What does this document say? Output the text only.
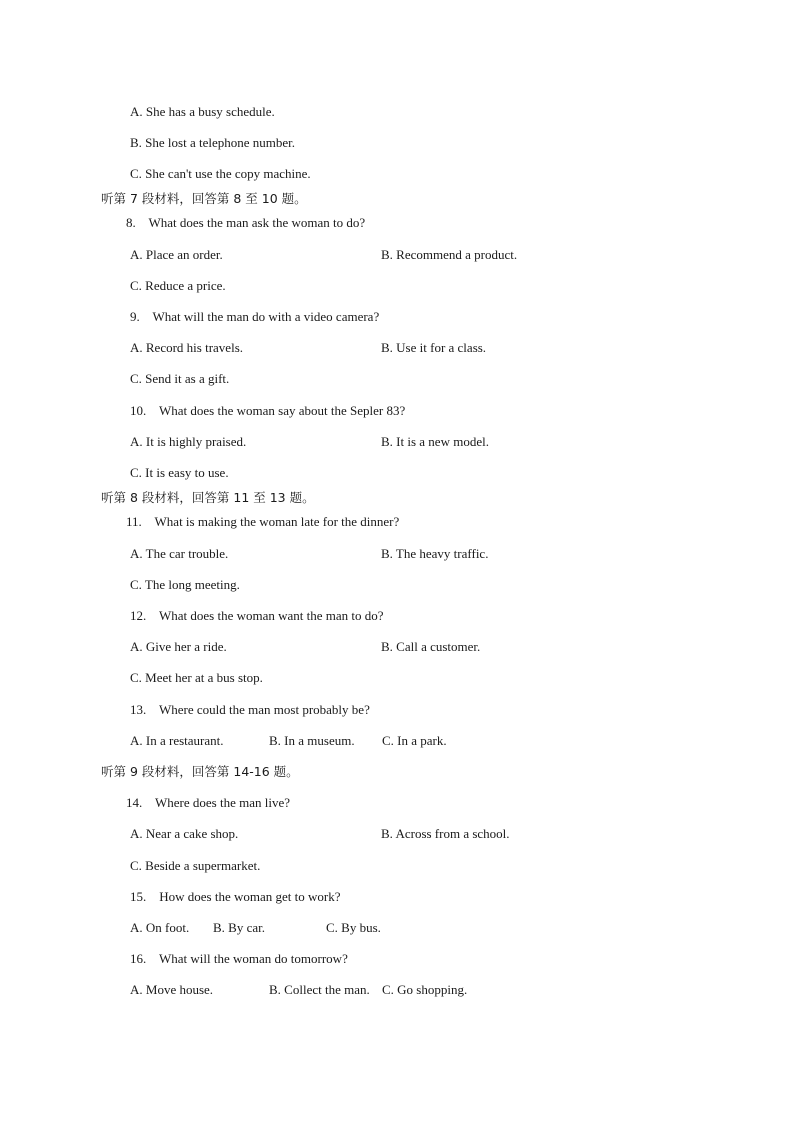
A. She has a busy schedule.
B. She lost a telephone number.
C. She can't use the copy machine.
听第 7 段材料，回答第 8 至 10 题。
8.    What does the man ask the woman to do?
A. Place an order.	B. Recommend a product.
C. Reduce a price.
9.    What will the man do with a video camera?
A. Record his travels.	B. Use it for a class.
C. Send it as a gift.
10.    What does the woman say about the Sepler 83?
A. It is highly praised.	B. It is a new model.
C. It is easy to use.
听第 8 段材料，回答第 11 至 13 题。
11.    What is making the woman late for the dinner?
A. The car trouble.	B. The heavy traffic.
C. The long meeting.
12.    What does the woman want the man to do?
A. Give her a ride.	B. Call a customer.
C. Meet her at a bus stop.
13.    Where could the man most probably be?
A. In a restaurant.	B. In a museum. C. In a park.
听第 9 段材料，回答第 14-16 题。
14.    Where does the man live?
A. Near a cake shop.	B. Across from a school.
C. Beside a supermarket.
15.    How does the woman get to work?
A. On foot. B. By car.	C. By bus.
16.    What will the woman do tomorrow?
A. Move house.	B. Collect the man. C. Go shopping.
